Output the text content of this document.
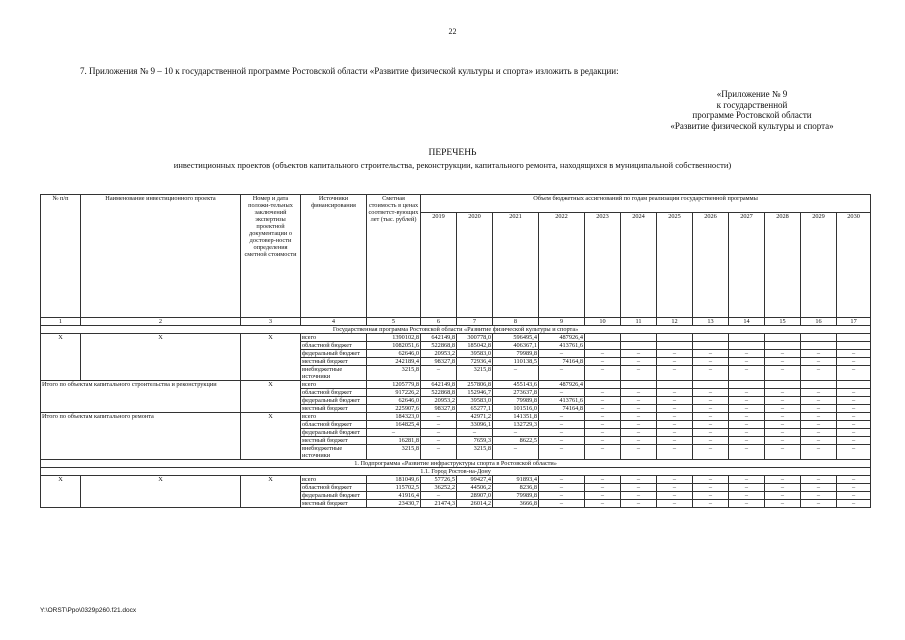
22
7. Приложения № 9 – 10 к государственной программе Ростовской области «Развитие физической культуры и спорта» изложить в редакции:
«Приложение № 9
к государственной
программе Ростовской области
«Развитие физической культуры и спорта»
ПЕРЕЧЕНЬ
инвестиционных проектов (объектов капитального строительства, реконструкции, капитального ремонта, находящихся в муниципальной собственности)
№ п/п	Наименование инвестиционного проекта	Номер и дата положи-тельных заключений экспертизы проектной документации о достовер-ности определения сметной стоимости	Источники финансирования	Сметная стоимость в ценах соответст-вующих лет (тыс. рублей)	Объем бюджетных ассигнований по годам реализации государственной программы											
					2019	2020	2021	2022	2023	2024	2025	2026	2027	2028	2029	2030
1	2	3	4	5	6	7	8	9	10	11	12	13	14	15	16	17
Государственная программа Ростовской области «Развитие физической культуры и спорта»																
Х	Х	Х	всего	1390102,8	642149,8	300778,0	596495,4	487926,4								
			областной бюджет	1082051,6	522868,8	185042,8	406367,1	413761,6								
			федеральный бюджет	62646,0	20953,2	39583,0	79989,8	–	–	–	–	–	–	–	–	–
			местный бюджет	242189,4	98327,8	72936,4	110138,5	74164,8	–	–	–	–	–	–	–	–
			внебюджетные источники	3215,8	–	3215,8	–	–	–	–	–	–	–	–	–	–
Итого по объектам капитального строительства и реконструкции		Х	всего	1205779,8	642149,8	257806,8	455143,6	487926,4								
			областной бюджет	917226,2	522868,8	152946,7	273637,8	–	–	–	–	–	–	–	–	–
			федеральный бюджет	62646,0	20953,2	39583,0	79989,8	413761,6	–	–	–	–	–	–	–	–
			местный бюджет	225907,6	98327,8	65277,1	101516,0	74164,8	–	–	–	–	–	–	–	–
Итого по объектам капитального ремонта		Х	всего	184323,0	–	42971,2	141351,8	–	–	–	–	–	–	–	–	–
			областной бюджет	164825,4	–	33096,1	132729,3	–	–	–	–	–	–	–	–	–
			федеральный бюджет	–	–	–	–	–	–	–	–	–	–	–	–	–
			местный бюджет	16281,8	–	7659,3	8622,5	–	–	–	–	–	–	–	–	–
			внебюджетные источники	3215,8	–	3215,8	–	–	–	–	–	–	–	–	–	–
1. Подпрограмма «Развитие инфраструктуры спорта в Ростовской области»																
1.1. Город Ростов-на-Дону																
Х	Х	Х	всего	181049,6	57726,5	99427,4	91893,4	–	–	–	–	–	–	–	–	–
			областной бюджет	115702,5	36252,2	44506,2	8236,8	–	–	–	–	–	–	–	–	–
			федеральный бюджет	41916,4	–	28907,0	79989,8	–	–	–	–	–	–	–	–	–
			местный бюджет	23430,7	21474,3	26014,2	3666,8	–	–	–	–	–	–	–	–	–
Y:\ORST\Ppo\0329p260.f21.docx
